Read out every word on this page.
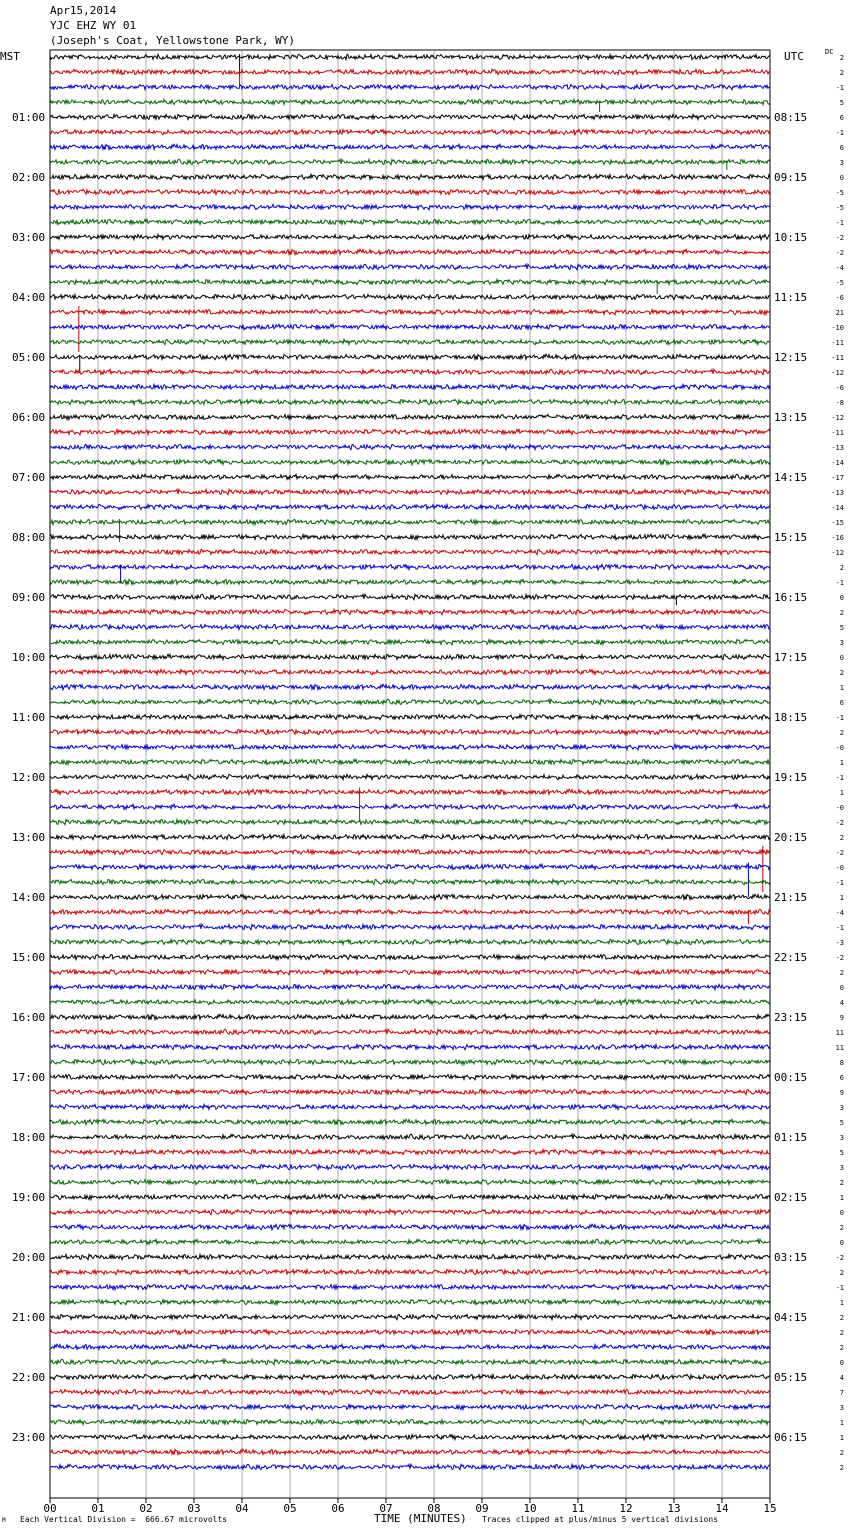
Apr15,2014
YJC EHZ WY 01
(Joseph's Coat, Yellowstone Park, WY)
MST	UTC	DC
00	01	02	03	04	05	06	07	08	09	10	11	12	13	14	15
2
2
-1
5
6
-1
6
3
0
-5
-5
-1
-2
-2
-4
-5
-6
21
-10
-11
-11
-12
-6
-8
-12
-11
-13
-14
-17
-13
-14
-15
-16
-12
2
-1
0
2
5
3
0
2
1
6
-1
2
-0
1
-1
1
-0
-2
2
-2
-0
-1
1
-4
-1
-3
-2
2
0
4
9
11
11
8
6
9
3
5
3
5
3
2
1
0
2
0
-2
2
-1
1
2
2
2
0
4
7
3
1
1
2
2
01:00
02:00
03:00
04:00
05:00
06:00
07:00
08:00
09:00
10:00
11:00
12:00
13:00
14:00
15:00
16:00
17:00
18:00
19:00
20:00
21:00
22:00
23:00
08:15
09:15
10:15
11:15
12:15
13:15
14:15
15:15
16:15
17:15
18:15
19:15
20:15
21:15
22:15
23:15
00:15
01:15
02:15
03:15
04:15
05:15
06:15
M Each Vertical Division =  666.67 microvolts	TIME (MINUTES) Traces clipped at plus/minus 5 vertical divisions
